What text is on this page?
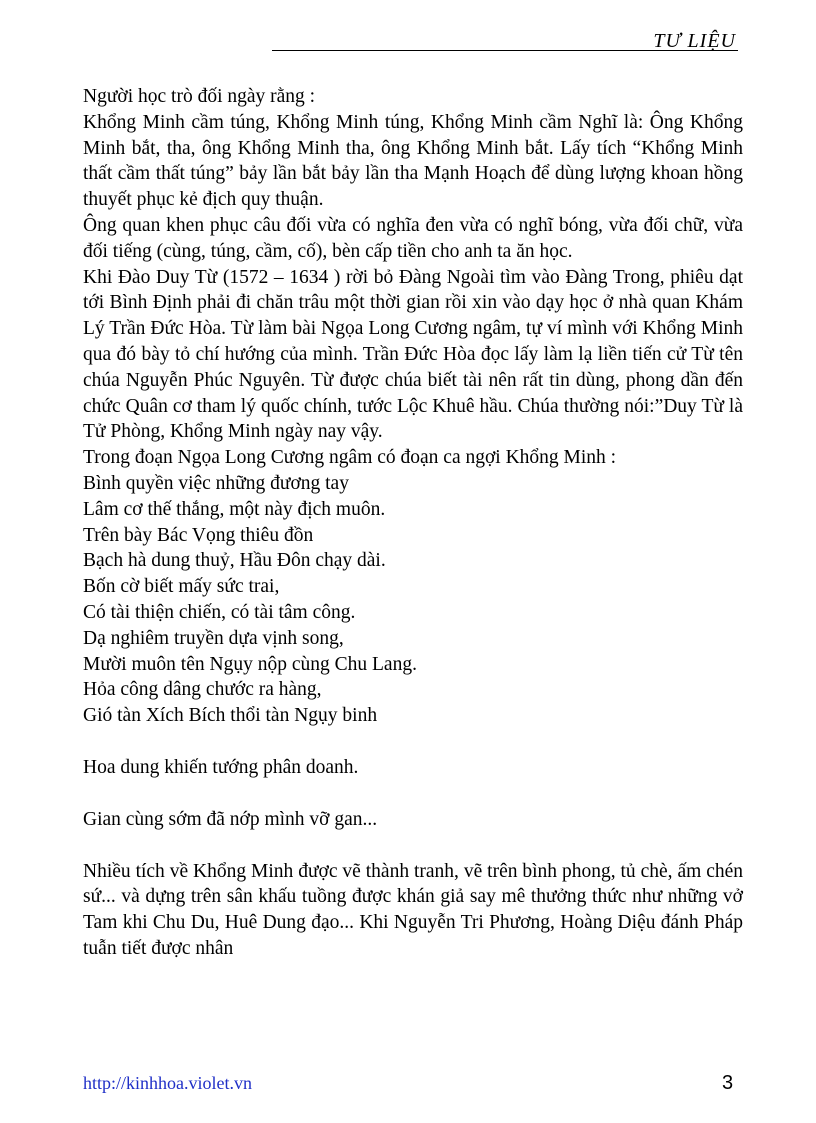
TƯ LIỆU

Người học trò đối ngày rằng :

Khổng Minh cầm túng, Khổng Minh túng, Khổng Minh cầm Nghĩ là: Ông Khổng Minh bắt, tha, ông Khổng Minh tha, ông Khổng Minh bắt. Lấy tích “Khổng Minh thất cầm thất túng” bảy lần bắt bảy lần tha Mạnh Hoạch để dùng lượng khoan hồng thuyết phục kẻ địch quy thuận.

Ông quan khen phục câu đối vừa có nghĩa đen vừa có nghĩ bóng, vừa đối chữ, vừa đối tiếng (cùng, túng, cầm, cố), bèn cấp tiền cho anh ta ăn học.

Khi Đào Duy Từ (1572 – 1634 ) rời bỏ Đàng Ngoài tìm vào Đàng Trong, phiêu dạt tới Bình Định phải đi chăn trâu một thời gian rồi xin vào dạy học ở nhà quan Khám Lý Trần Đức Hòa. Từ làm bài Ngọa Long Cương ngâm, tự ví mình với Khổng Minh qua đó bày tỏ chí hướng của mình. Trần Đức Hòa đọc lấy làm lạ liền tiến cử Từ tên chúa Nguyễn Phúc Nguyên. Từ được chúa biết tài nên rất tin dùng, phong dần đến chức Quân cơ tham lý quốc chính, tước Lộc Khuê hầu. Chúa thường nói:”Duy Từ là Tử Phòng, Khổng Minh ngày nay vậy.

Trong đoạn Ngọa Long Cương ngâm có đoạn ca ngợi Khổng Minh :

Bình quyền việc những đương tay

Lâm cơ thế thắng, một này địch muôn.

Trên bày Bác Vọng thiêu đồn

Bạch hà dung thuỷ, Hầu Đôn chạy dài.

Bốn cờ biết mấy sức trai,

Có tài thiện chiến, có tài tâm công.

Dạ nghiêm truyền dựa vịnh song,

Mười muôn tên Ngụy nộp cùng Chu Lang.

Hỏa công dâng chước ra hàng,

Gió tàn Xích Bích thổi tàn Ngụy binh

Hoa dung khiến tướng phân doanh.

Gian cùng sớm đã nớp mình vỡ gan...

Nhiều tích về Khổng Minh được vẽ thành tranh, vẽ trên bình phong, tủ chè, ấm chén sứ... và dựng trên sân khấu tuồng được khán giả say mê thưởng thức như những vở Tam khi Chu Du, Huê Dung đạo... Khi Nguyễn Tri Phương, Hoàng Diệu đánh Pháp tuẫn tiết được nhân

http://kinhhoa.violet.vn	3
